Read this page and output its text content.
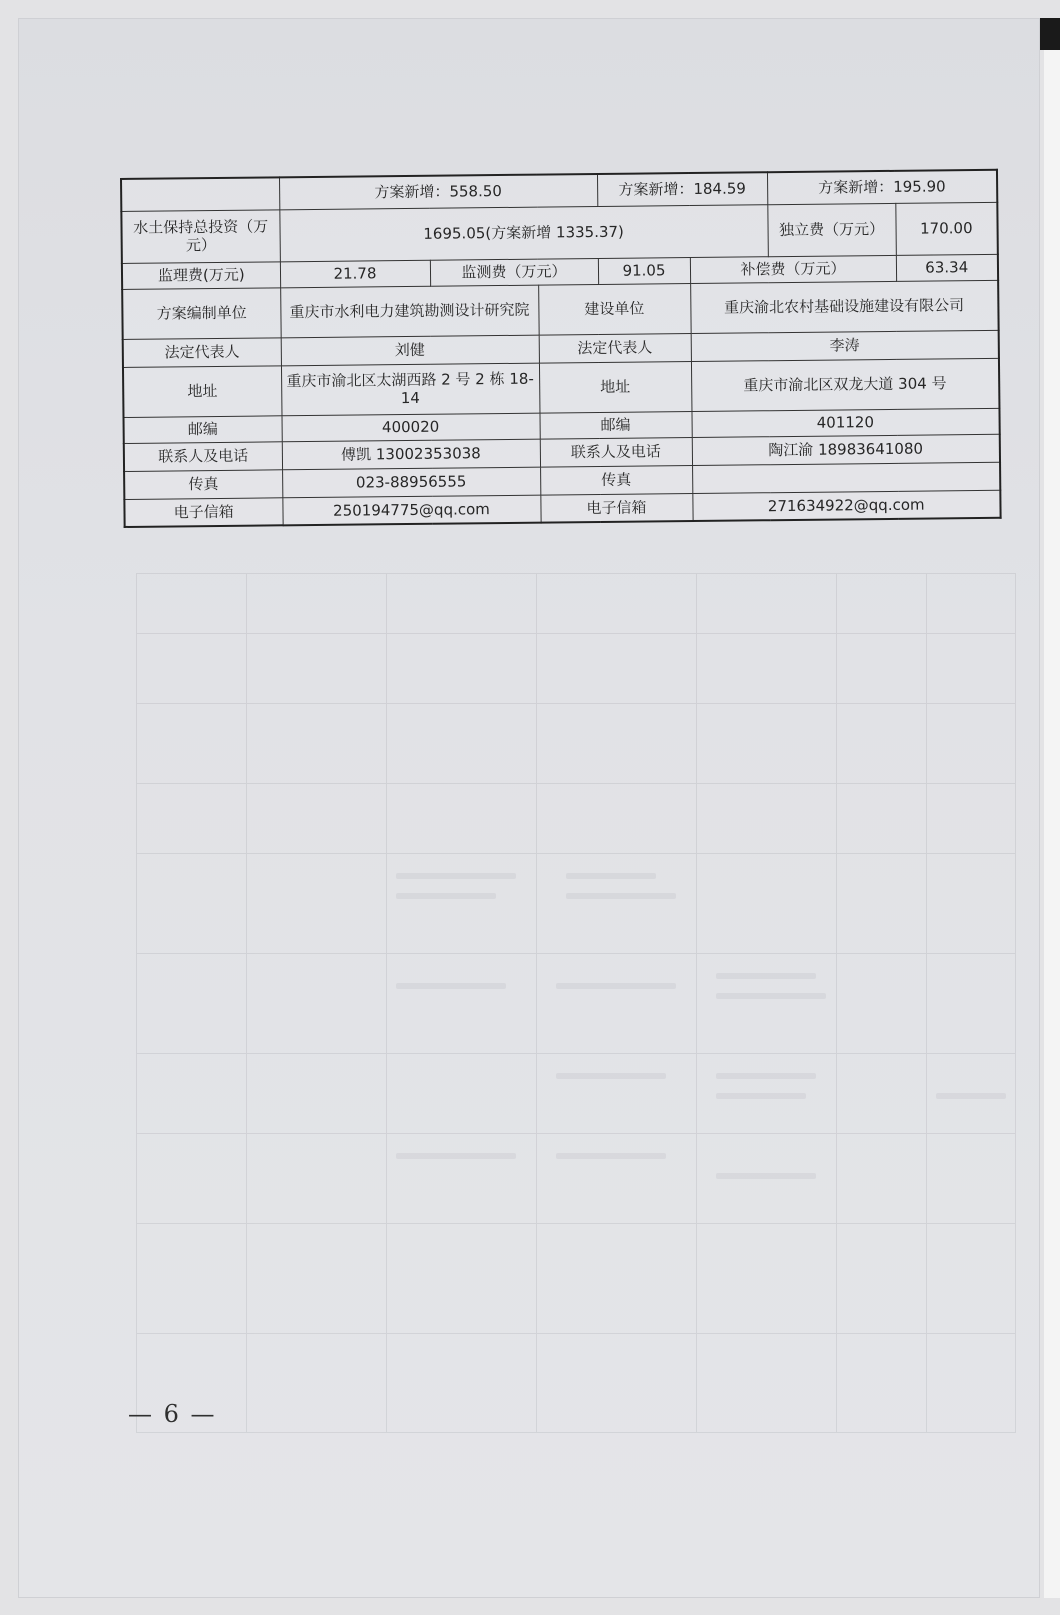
	方案新增：558.50			方案新增：184.59		方案新增：195.90	
水土保持总投资（万元）	1695.05(方案新增 1335.37)					独立费（万元）	170.00
监理费(万元)	21.78	监测费（万元）		91.05	补偿费（万元）		63.34
方案编制单位	重庆市水利电力建筑勘测设计研究院		建设单位		重庆渝北农村基础设施建设有限公司		
法定代表人	刘健		法定代表人		李涛		
地址	重庆市渝北区太湖西路 2 号 2 栋 18-14		地址		重庆市渝北区双龙大道 304 号		
邮编	400020		邮编		401120		
联系人及电话	傅凯 13002353038		联系人及电话		陶江渝 18983641080		
传真	023-88956555		传真				
电子信箱	250194775@qq.com		电子信箱		271634922@qq.com		
— 6 —
